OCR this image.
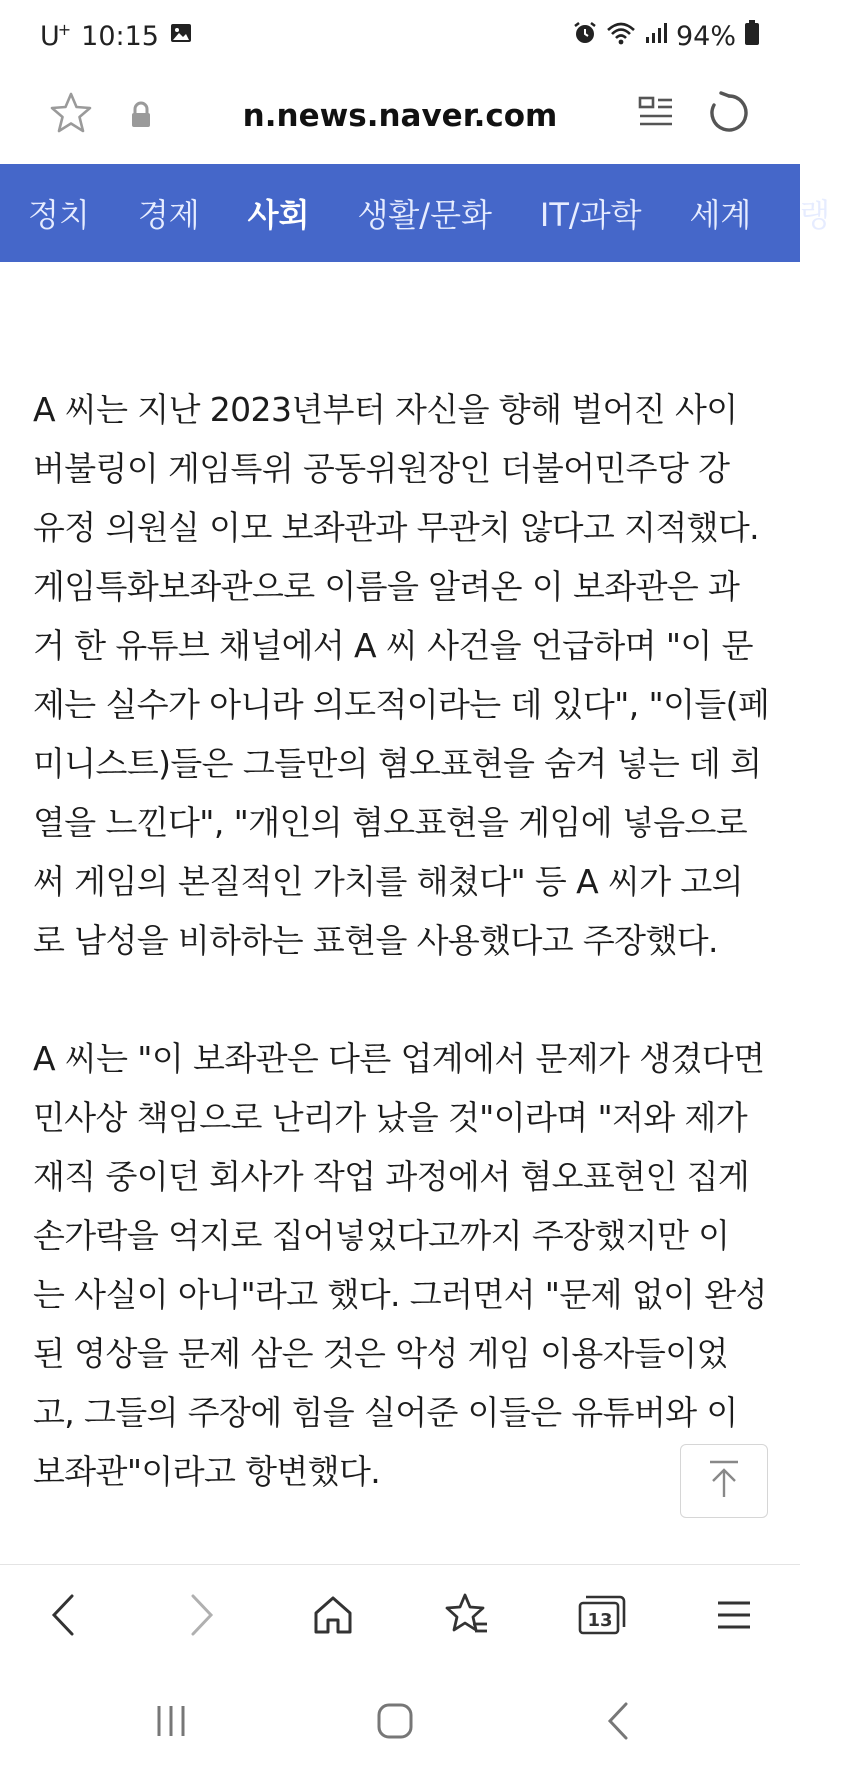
U+ 10:15	94%
n.news.naver.com
정치 경제 사회 생활/문화 IT/과학 세계 랭

A 씨는 지난 2023년부터 자신을 향해 벌어진 사이
버불링이 게임특위 공동위원장인 더불어민주당 강
유정 의원실 이모 보좌관과 무관치 않다고 지적했다.
게임특화보좌관으로 이름을 알려온 이 보좌관은 과
거 한 유튜브 채널에서 A 씨 사건을 언급하며 "이 문
제는 실수가 아니라 의도적이라는 데 있다", "이들(페
미니스트)들은 그들만의 혐오표현을 숨겨 넣는 데 희
열을 느낀다", "개인의 혐오표현을 게임에 넣음으로
써 게임의 본질적인 가치를 해쳤다" 등 A 씨가 고의
로 남성을 비하하는 표현을 사용했다고 주장했다.

A 씨는 "이 보좌관은 다른 업계에서 문제가 생겼다면
민사상 책임으로 난리가 났을 것"이라며 "저와 제가
재직 중이던 회사가 작업 과정에서 혐오표현인 집게
손가락을 억지로 집어넣었다고까지 주장했지만 이
는 사실이 아니"라고 했다. 그러면서 "문제 없이 완성
된 영상을 문제 삼은 것은 악성 게임 이용자들이었
고, 그들의 주장에 힘을 실어준 이들은 유튜버와 이
보좌관"이라고 항변했다.

13
